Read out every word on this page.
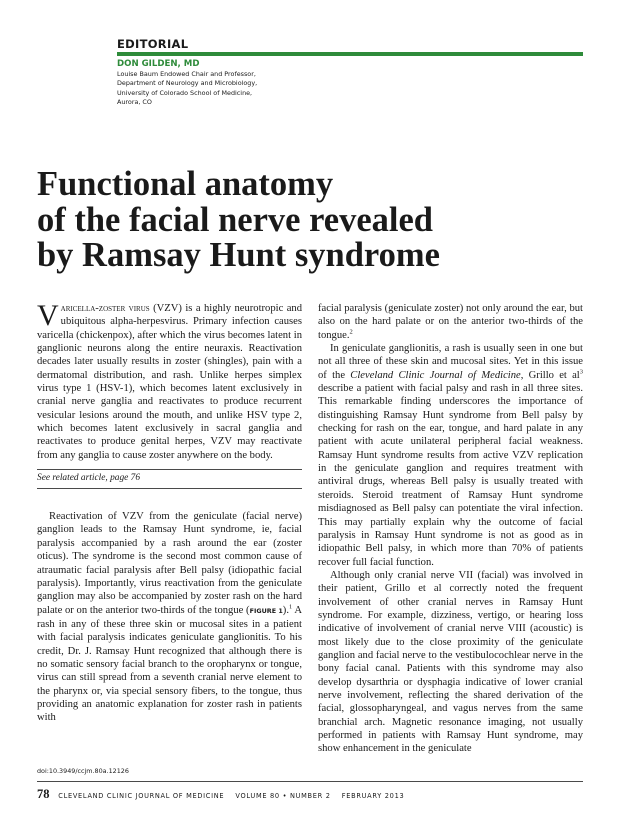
EDITORIAL
DON GILDEN, MD
Louise Baum Endowed Chair and Professor,
Department of Neurology and Microbiology,
University of Colorado School of Medicine,
Aurora, CO
Functional anatomy
of the facial nerve revealed
by Ramsay Hunt syndrome

Varicella-zoster virus (VZV) is a highly neurotropic and ubiquitous alpha-herpesvirus. Primary infection causes varicella (chickenpox), after which the virus becomes latent in ganglionic neurons along the entire neuraxis. Reactivation decades later usually results in zoster (shingles), pain with a dermatomal distribution, and rash. Unlike herpes simplex virus type 1 (HSV-1), which becomes latent exclusively in cranial nerve ganglia and reactivates to produce recurrent vesicular lesions around the mouth, and unlike HSV type 2, which becomes latent exclusively in sacral ganglia and reactivates to produce genital herpes, VZV may reactivate from any ganglia to cause zoster anywhere on the body.

See related article, page 76

Reactivation of VZV from the geniculate (facial nerve) ganglion leads to the Ramsay Hunt syndrome, ie, facial paralysis accompanied by a rash around the ear (zoster oticus). The syndrome is the second most common cause of atraumatic facial paralysis after Bell palsy (idiopathic facial paralysis). Importantly, virus reactivation from the geniculate ganglion may also be accompanied by zoster rash on the hard palate or on the anterior two-thirds of the tongue (FIGURE 1).$^1$ A rash in any of these three skin or mucosal sites in a patient with facial paralysis indicates geniculate ganglionitis. To his credit, Dr. J. Ramsay Hunt recognized that although there is no somatic sensory facial branch to the oropharynx or tongue, virus can still spread from a seventh cranial nerve element to the pharynx or, via special sensory fibers, to the tongue, thus providing an anatomic explanation for zoster rash in patients with

facial paralysis (geniculate zoster) not only around the ear, but also on the hard palate or on the anterior two-thirds of the tongue.$^2$

In geniculate ganglionitis, a rash is usually seen in one but not all three of these skin and mucosal sites. Yet in this issue of the Cleveland Clinic Journal of Medicine, Grillo et $al^3$ describe a patient with facial palsy and rash in all three sites. This remarkable finding underscores the importance of distinguishing Ramsay Hunt syndrome from Bell palsy by checking for rash on the ear, tongue, and hard palate in any patient with acute unilateral peripheral facial weakness. Ramsay Hunt syndrome results from active VZV replication in the geniculate ganglion and requires treatment with antiviral drugs, whereas Bell palsy is usually treated with steroids. Steroid treatment of Ramsay Hunt syndrome misdiagnosed as Bell palsy can potentiate the viral infection. This may partially explain why the outcome of facial paralysis in Ramsay Hunt syndrome is not as good as in idiopathic Bell palsy, in which more than 70% of patients recover full facial function.

Although only cranial nerve VII (facial) was involved in their patient, Grillo et al correctly noted the frequent involvement of other cranial nerves in Ramsay Hunt syndrome. For example, dizziness, vertigo, or hearing loss indicative of involvement of cranial nerve VIII (acoustic) is most likely due to the close proximity of the geniculate ganglion and facial nerve to the vestibulocochlear nerve in the bony facial canal. Patients with this syndrome may also develop dysarthria or dysphagia indicative of lower cranial nerve involvement, reflecting the shared derivation of the facial, glossopharyngeal, and vagus nerves from the same branchial arch. Magnetic resonance imaging, not usually performed in patients with Ramsay Hunt syndrome, may show enhancement in the geniculate

doi:10.3949/ccjm.80a.12126
78 CLEVELAND CLINIC JOURNAL OF MEDICINE VOLUME 80 • NUMBER 2 FEBRUARY 2013
